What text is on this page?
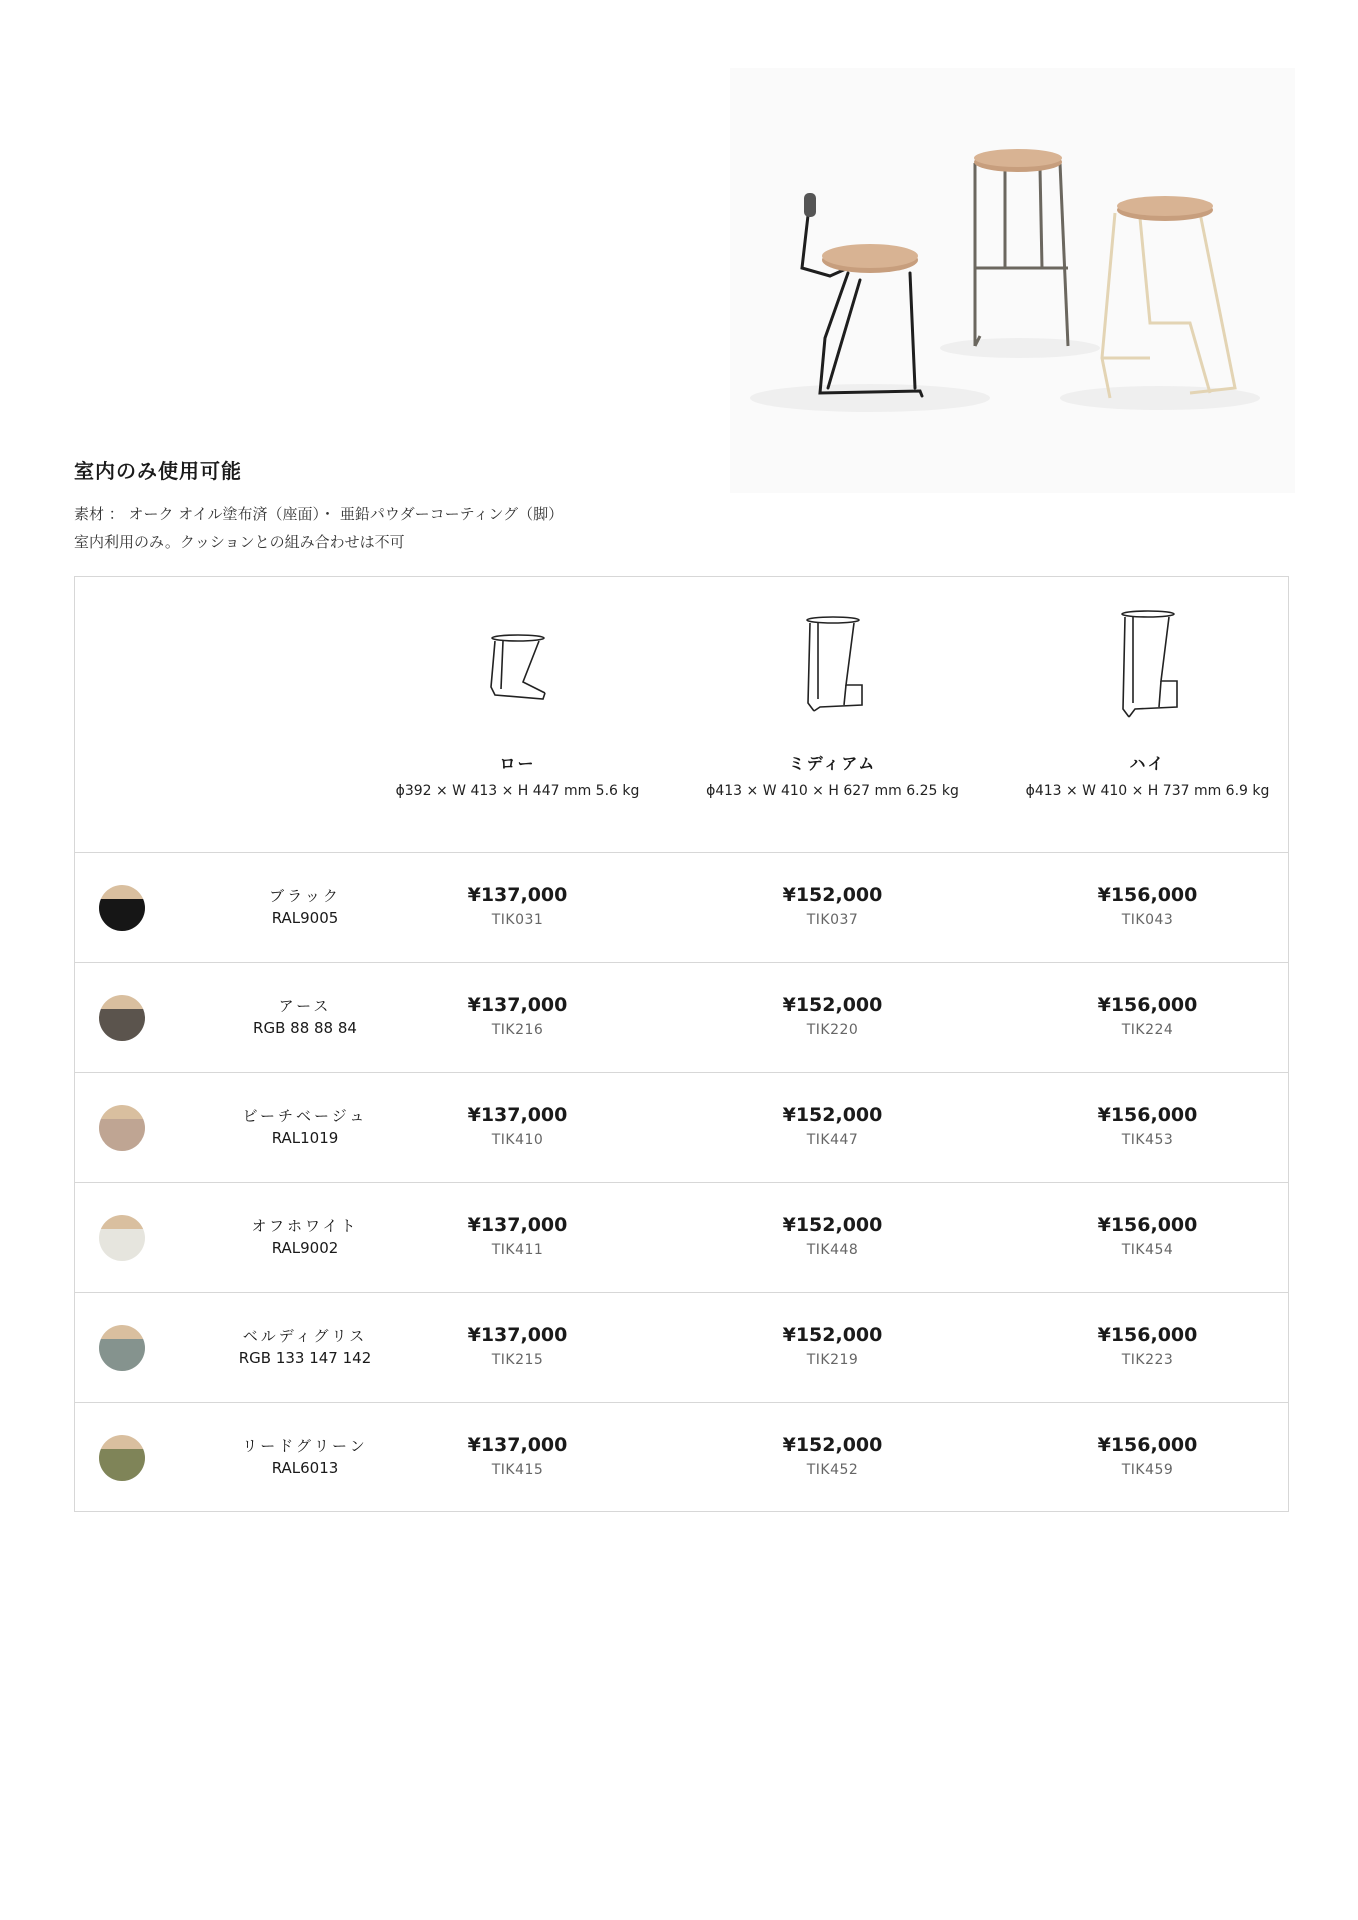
室内のみ使用可能
素材 ： オーク オイル塗布済（座面）・ 亜鉛パウダーコーティング（脚）
室内利用のみ。クッションとの組み合わせは不可
ロー
ϕ392 × W 413 × H 447 mm 5.6 kg
ミディアム
ϕ413 × W 410 × H 627 mm 6.25 kg
ハイ
ϕ413 × W 410 × H 737 mm 6.9 kg
ブラック
RAL9005
¥137,000
TIK031
¥152,000
TIK037
¥156,000
TIK043
アース
RGB 88 88 84
¥137,000
TIK216
¥152,000
TIK220
¥156,000
TIK224
ビーチベージュ
RAL1019
¥137,000
TIK410
¥152,000
TIK447
¥156,000
TIK453
オフホワイト
RAL9002
¥137,000
TIK411
¥152,000
TIK448
¥156,000
TIK454
ベルディグリス
RGB 133 147 142
¥137,000
TIK215
¥152,000
TIK219
¥156,000
TIK223
リードグリーン
RAL6013
¥137,000
TIK415
¥152,000
TIK452
¥156,000
TIK459
